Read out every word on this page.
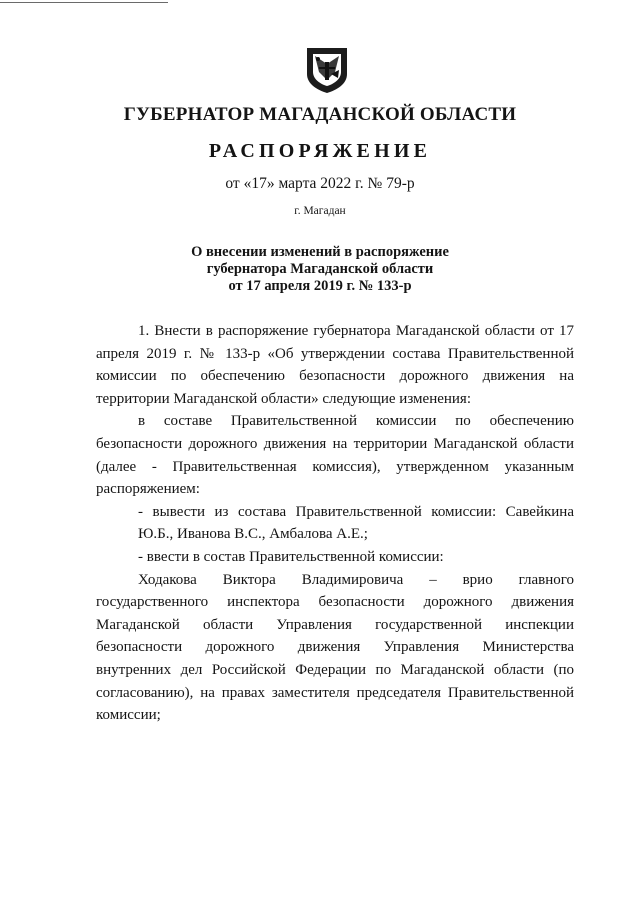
ГУБЕРНАТОР МАГАДАНСКОЙ ОБЛАСТИ
РАСПОРЯЖЕНИЕ
от «17» марта 2022 г. № 79-р
г. Магадан
О внесении изменений в распоряжение
губернатора Магаданской области
от 17 апреля 2019 г. № 133-р

1. Внести в распоряжение губернатора Магаданской области от 17 апреля 2019 г. № 133-р «Об утверждении состава Правительственной комиссии по обеспечению безопасности дорожного движения на территории Магаданской области» следующие изменения:

в составе Правительственной комиссии по обеспечению безопасности дорожного движения на территории Магаданской области (далее - Правительственная комиссия), утвержденном указанным распоряжением:

- вывести из состава Правительственной комиссии: Савейкина Ю.Б., Иванова В.С., Амбалова А.Е.;

- ввести в состав Правительственной комиссии:

Ходакова Виктора Владимировича – врио главного государственного инспектора безопасности дорожного движения Магаданской области Управления государственной инспекции безопасности дорожного движения Управления Министерства внутренних дел Российской Федерации по Магаданской области (по согласованию), на правах заместителя председателя Правительственной комиссии;
